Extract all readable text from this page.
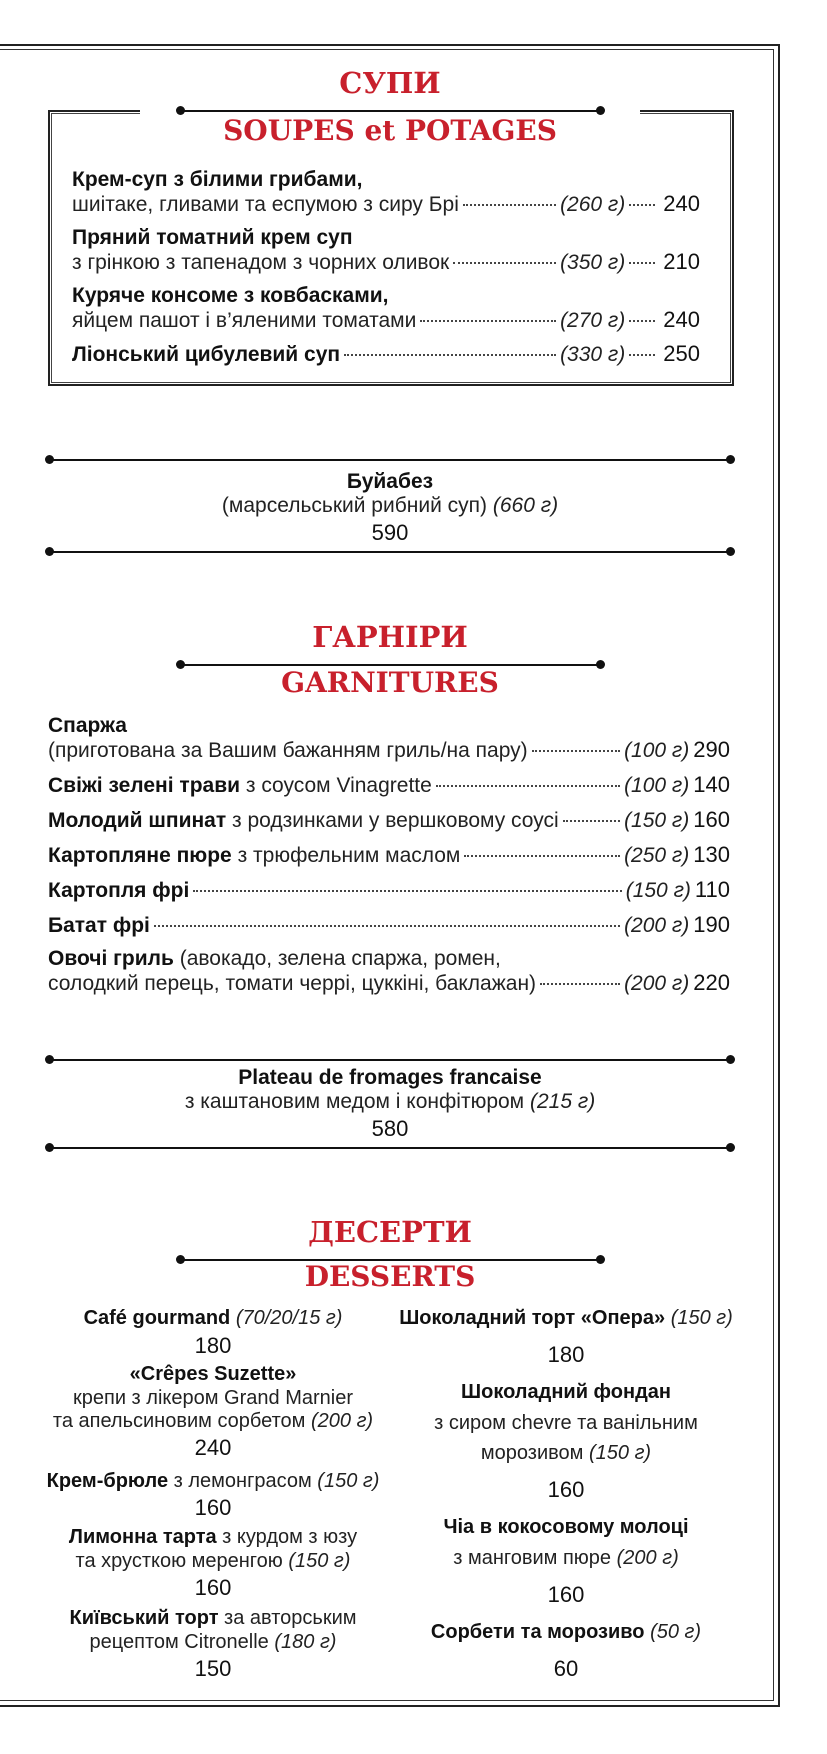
СУПИ
SOUPES et POTAGES
Крем-суп з білими грибами,
шиітаке, гливами та еспумою з сиру Брі	(260 г) 240
Пряний томатний крем суп
з грінкою з тапенадом з чорних оливок	(350 г) 210
Куряче консоме з ковбасками,
яйцем пашот і в’яленими томатами	(270 г) 240
Ліонський цибулевий суп	(330 г) 250
Буйабез
(марсельський рибний суп) (660 г)
590
ГАРНІРИ
GARNITURES
Спаржа
(приготована за Вашим бажанням гриль/на пару)	(100 г) 290
Свіжі зелені трави з соусом Vinagrette	(100 г) 140
Молодий шпинат з родзинками у вершковому соусі	(150 г) 160
Картопляне пюре з трюфельним маслом	(250 г) 130
Картопля фрі	(150 г) 110
Батат фрі	(200 г) 190
Овочі гриль (авокадо, зелена спаржа, ромен,
солодкий перець, томати черрі, цуккіні, баклажан)	(200 г) 220
Plateau de fromages francaise
з каштановим медом і конфітюром (215 г)
580
ДЕСЕРТИ
DESSERTS
Café gourmand (70/20/15 г)
180
«Crêpes Suzette»
крепи з лікером Grand Marnier
та апельсиновим сорбетом (200 г)
240
Крем-брюле з лемонграсом (150 г)
160
Лимонна тарта з курдом з юзу
та хрусткою меренгою (150 г)
160
Київський торт за авторським
рецептом Citronelle (180 г)
150
Шоколадний торт «Опера» (150 г)
180
Шоколадний фондан
з сиром chevre та ванільним
морозивом (150 г)
160
Чіа в кокосовому молоці
з манговим пюре (200 г)
160
Сорбети та морозиво (50 г)
60
